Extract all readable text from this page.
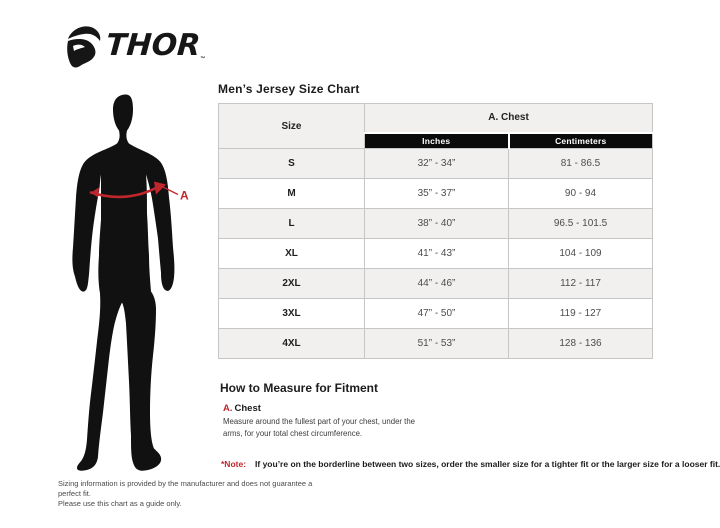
THOR
™
A
Men’s Jersey Size Chart
Size	A. Chest	
	Inches	Centimeters
S	32” - 34”	81 - 86.5
M	35” - 37”	90 - 94
L	38” - 40”	96.5 - 101.5
XL	41” - 43”	104 - 109
2XL	44” - 46”	112 - 117
3XL	47” - 50”	119 - 127
4XL	51” - 53”	128 - 136
How to Measure for Fitment
A. Chest
Measure around the fullest part of your chest, under the arms, for your total chest circumference.
*Note: If you’re on the borderline between two sizes, order the smaller size for a tighter fit or the larger size for a looser fit.
Sizing information is provided by the manufacturer and does not guarantee a perfect fit.
Please use this chart as a guide only.
